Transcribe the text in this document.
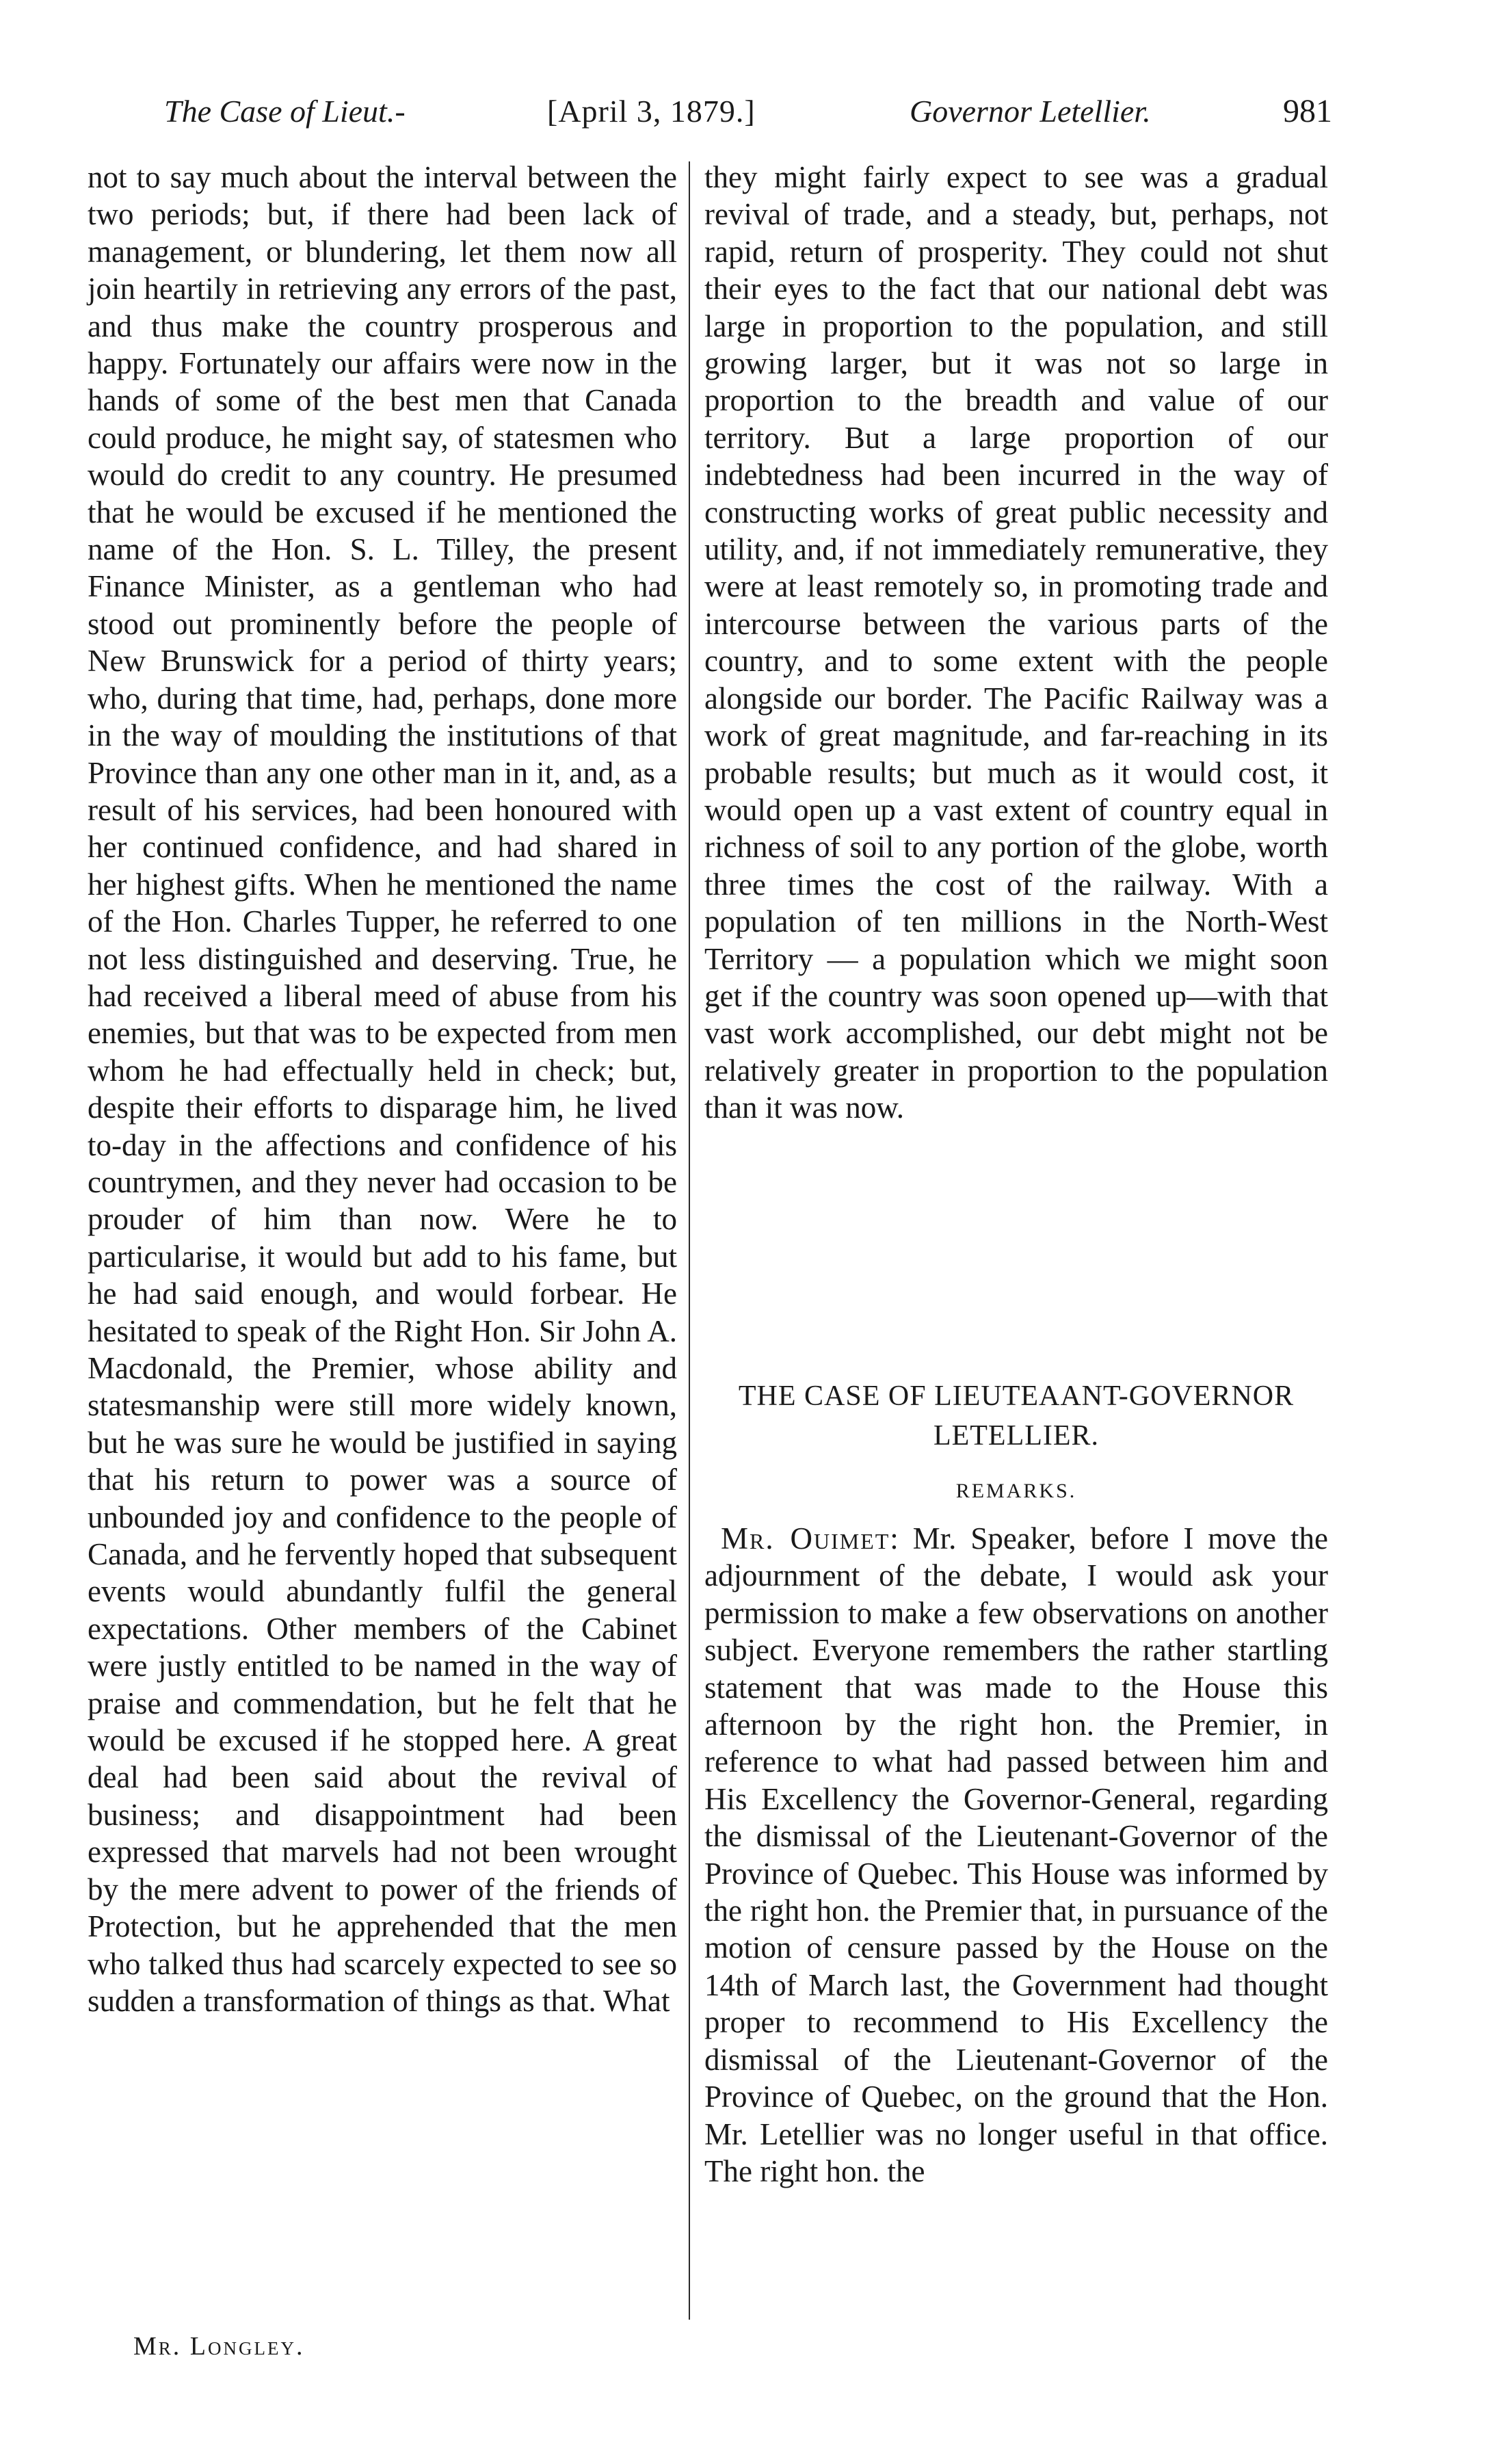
The Case of Lieut.-	[April 3, 1879.]	Governor Letellier.	981

not to say much about the interval between the two periods; but, if there had been lack of management, or blundering, let them now all join heartily in retrieving any errors of the past, and thus make the country prosperous and happy. Fortunately our affairs were now in the hands of some of the best men that Canada could produce, he might say, of statesmen who would do credit to any country. He presumed that he would be excused if he mentioned the name of the Hon. S. L. Tilley, the present Finance Minister, as a gentleman who had stood out prominently before the people of New Brunswick for a period of thirty years; who, during that time, had, perhaps, done more in the way of moulding the institutions of that Province than any one other man in it, and, as a result of his services, had been honoured with her continued confidence, and had shared in her highest gifts. When he mentioned the name of the Hon. Charles Tupper, he referred to one not less distinguished and deserving. True, he had received a liberal meed of abuse from his enemies, but that was to be expected from men whom he had effectually held in check; but, despite their efforts to disparage him, he lived to-day in the affections and confidence of his countrymen, and they never had occasion to be prouder of him than now. Were he to particularise, it would but add to his fame, but he had said enough, and would forbear. He hesitated to speak of the Right Hon. Sir John A. Macdonald, the Premier, whose ability and statesmanship were still more widely known, but he was sure he would be justified in saying that his return to power was a source of unbounded joy and confidence to the people of Canada, and he fervently hoped that subsequent events would abundantly fulfil the general expectations. Other members of the Cabinet were justly entitled to be named in the way of praise and commendation, but he felt that he would be excused if he stopped here. A great deal had been said about the revival of business; and disappointment had been expressed that marvels had not been wrought by the mere advent to power of the friends of Protection, but he apprehended that the men who talked thus had scarcely expected to see so sudden a transformation of things as that. What

Mr. Longley.

they might fairly expect to see was a gradual revival of trade, and a steady, but, perhaps, not rapid, return of prosperity. They could not shut their eyes to the fact that our national debt was large in proportion to the population, and still growing larger, but it was not so large in proportion to the breadth and value of our territory. But a large proportion of our indebtedness had been incurred in the way of constructing works of great public necessity and utility, and, if not immediately remunerative, they were at least remotely so, in promoting trade and intercourse between the various parts of the country, and to some extent with the people alongside our border. The Pacific Railway was a work of great magnitude, and far-reaching in its probable results; but much as it would cost, it would open up a vast extent of country equal in richness of soil to any portion of the globe, worth three times the cost of the railway. With a population of ten millions in the North-West Territory — a population which we might soon get if the country was soon opened up—with that vast work accomplished, our debt might not be relatively greater in proportion to the population than it was now.

THE CASE OF LIEUTEAANT-GOVERNOR LETELLIER.
REMARKS.

Mr. Ouimet: Mr. Speaker, before I move the adjournment of the debate, I would ask your permission to make a few observations on another subject. Everyone remembers the rather startling statement that was made to the House this afternoon by the right hon. the Premier, in reference to what had passed between him and His Excellency the Governor-General, regarding the dismissal of the Lieutenant-Governor of the Province of Quebec. This House was informed by the right hon. the Premier that, in pursuance of the motion of censure passed by the House on the 14th of March last, the Government had thought proper to recommend to His Excellency the dismissal of the Lieutenant-Governor of the Province of Quebec, on the ground that the Hon. Mr. Letellier was no longer useful in that office. The right hon. the
